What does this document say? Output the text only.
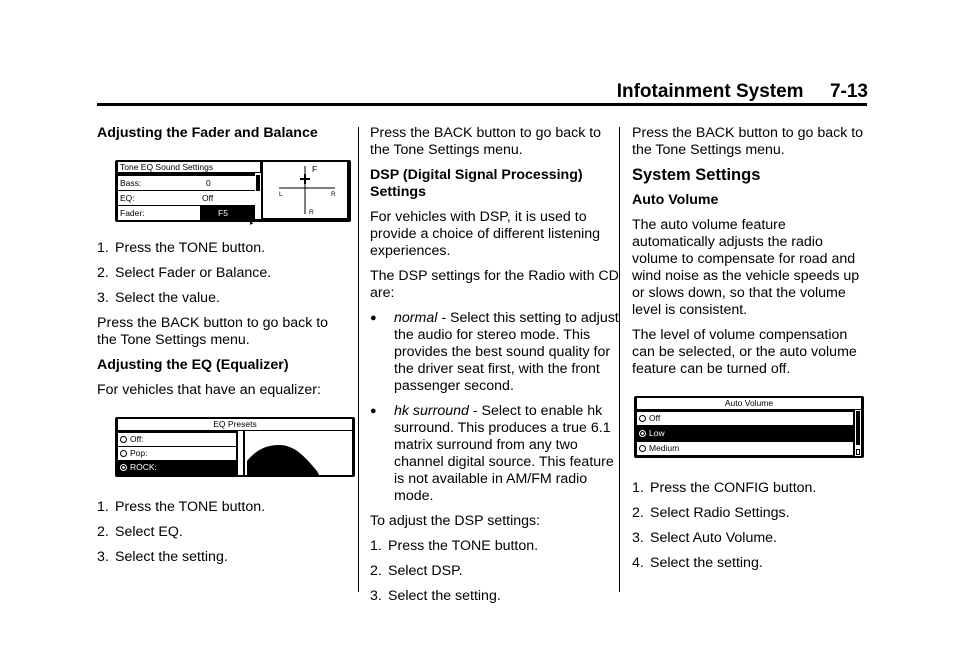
Infotainment System 7-13
Adjusting the Fader and Balance
Tone EQ Sound Settings
Bass:	0
EQ:	Off
▸
Fader:	F5
F
L	R
R
1. Press the TONE button.
2. Select Fader or Balance.
3. Select the value.
Press the BACK button to go back to the Tone Settings menu.
Adjusting the EQ (Equalizer)
For vehicles that have an equalizer:
EQ Presets
Off:
Pop:
ROCK:
1. Press the TONE button.
2. Select EQ.
3. Select the setting.
Press the BACK button to go back to the Tone Settings menu.
DSP (Digital Signal Processing) Settings
For vehicles with DSP, it is used to provide a choice of different listening experiences.
The DSP settings for the Radio with CD are:
●	normal - Select this setting to adjust the audio for stereo mode. This provides the best sound quality for the driver seat first, with the front passenger second.
●	hk surround - Select to enable hk surround. This produces a true 6.1 matrix surround from any two channel digital source. This feature is not available in AM/FM radio mode.
To adjust the DSP settings:
1. Press the TONE button.
2. Select DSP.
3. Select the setting.
Press the BACK button to go back to the Tone Settings menu.
System Settings
Auto Volume
The auto volume feature automatically adjusts the radio volume to compensate for road and wind noise as the vehicle speeds up or slows down, so that the volume level is consistent.
The level of volume compensation can be selected, or the auto volume feature can be turned off.
Auto Volume
Off
Low
Medium
1. Press the CONFIG button.
2. Select Radio Settings.
3. Select Auto Volume.
4. Select the setting.
